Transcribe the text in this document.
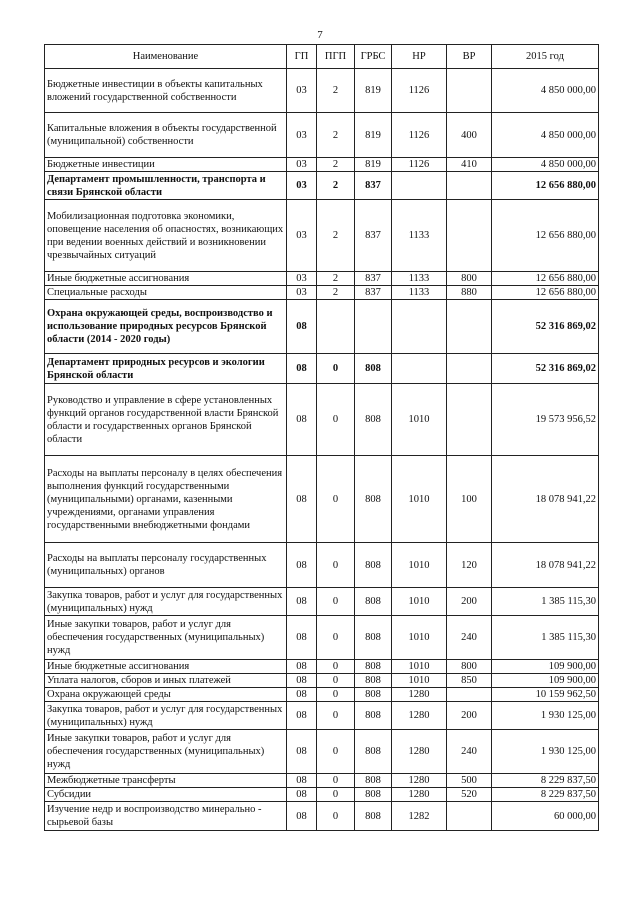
7
Наименование	ГП	ПГП	ГРБС	НР	ВР	2015 год
Бюджетные инвестиции в объекты капитальных вложений государственной собственности	03	2	819	1126		4 850 000,00
Капитальные вложения в объекты государственной (муниципальной) собственности	03	2	819	1126	400	4 850 000,00
Бюджетные инвестиции	03	2	819	1126	410	4 850 000,00
Департамент промышленности, транспорта и связи Брянской области	03	2	837			12 656 880,00
Мобилизационная подготовка экономики, оповещение населения об опасностях, возникающих при ведении военных действий и возникновении чрезвычайных ситуаций	03	2	837	1133		12 656 880,00
Иные бюджетные ассигнования	03	2	837	1133	800	12 656 880,00
Специальные расходы	03	2	837	1133	880	12 656 880,00
Охрана окружающей среды, воспроизводство и использование природных ресурсов Брянской области (2014 - 2020 годы)	08					52 316 869,02
Департамент природных ресурсов и экологии Брянской области	08	0	808			52 316 869,02
Руководство и управление в сфере установленных функций органов государственной власти Брянской области и государственных органов Брянской области	08	0	808	1010		19 573 956,52
Расходы на выплаты персоналу в целях обеспечения выполнения функций государственными (муниципальными) органами, казенными учреждениями, органами управления государственными внебюджетными фондами	08	0	808	1010	100	18 078 941,22
Расходы на выплаты персоналу государственных (муниципальных) органов	08	0	808	1010	120	18 078 941,22
Закупка товаров, работ и услуг для государственных (муниципальных) нужд	08	0	808	1010	200	1 385 115,30
Иные закупки товаров, работ и услуг для обеспечения государственных (муниципальных) нужд	08	0	808	1010	240	1 385 115,30
Иные бюджетные ассигнования	08	0	808	1010	800	109 900,00
Уплата налогов, сборов и иных платежей	08	0	808	1010	850	109 900,00
Охрана окружающей среды	08	0	808	1280		10 159 962,50
Закупка товаров, работ и услуг для государственных (муниципальных) нужд	08	0	808	1280	200	1 930 125,00
Иные закупки товаров, работ и услуг для обеспечения государственных (муниципальных) нужд	08	0	808	1280	240	1 930 125,00
Межбюджетные трансферты	08	0	808	1280	500	8 229 837,50
Субсидии	08	0	808	1280	520	8 229 837,50
Изучение недр и воспроизводство минерально - сырьевой базы	08	0	808	1282		60 000,00
